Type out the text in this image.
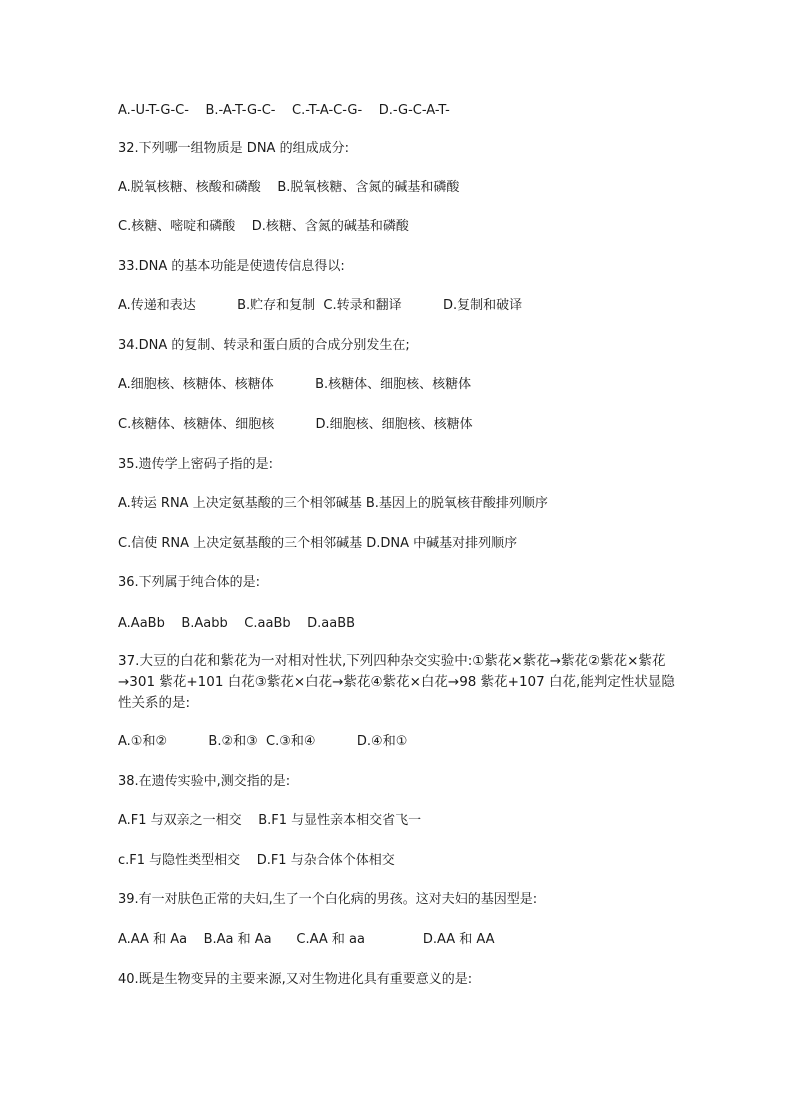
A.-U-T-G-C-    B.-A-T-G-C-    C.-T-A-C-G-    D.-G-C-A-T-
32.下列哪一组物质是 DNA 的组成成分:
A.脱氧核糖、核酸和磷酸    B.脱氧核糖、含氮的碱基和磷酸
C.核糖、嘧啶和磷酸    D.核糖、含氮的碱基和磷酸
33.DNA 的基本功能是使遗传信息得以:
A.传递和表达          B.贮存和复制  C.转录和翻译          D.复制和破译
34.DNA 的复制、转录和蛋白质的合成分别发生在;
A.细胞核、核糖体、核糖体          B.核糖体、细胞核、核糖体
C.核糖体、核糖体、细胞核          D.细胞核、细胞核、核糖体
35.遗传学上密码子指的是:
A.转运 RNA 上决定氨基酸的三个相邻碱基 B.基因上的脱氧核苷酸排列顺序
C.信使 RNA 上决定氨基酸的三个相邻碱基 D.DNA 中碱基对排列顺序
36.下列属于纯合体的是:
A.AaBb    B.Aabb    C.aaBb    D.aaBB
37.大豆的白花和紫花为一对相对性状,下列四种杂交实验中:①紫花×紫花→紫花②紫花×紫花→301 紫花+101 白花③紫花×白花→紫花④紫花×白花→98 紫花+107 白花,能判定性状显隐性关系的是:
A.①和②          B.②和③  C.③和④          D.④和①
38.在遗传实验中,测交指的是:
A.F1 与双亲之一相交    B.F1 与显性亲本相交省飞一
c.F1 与隐性类型相交    D.F1 与杂合体个体相交
39.有一对肤色正常的夫妇,生了一个白化病的男孩。这对夫妇的基因型是:
A.AA 和 Aa    B.Aa 和 Aa      C.AA 和 aa              D.AA 和 AA
40.既是生物变异的主要来源,又对生物进化具有重要意义的是:
